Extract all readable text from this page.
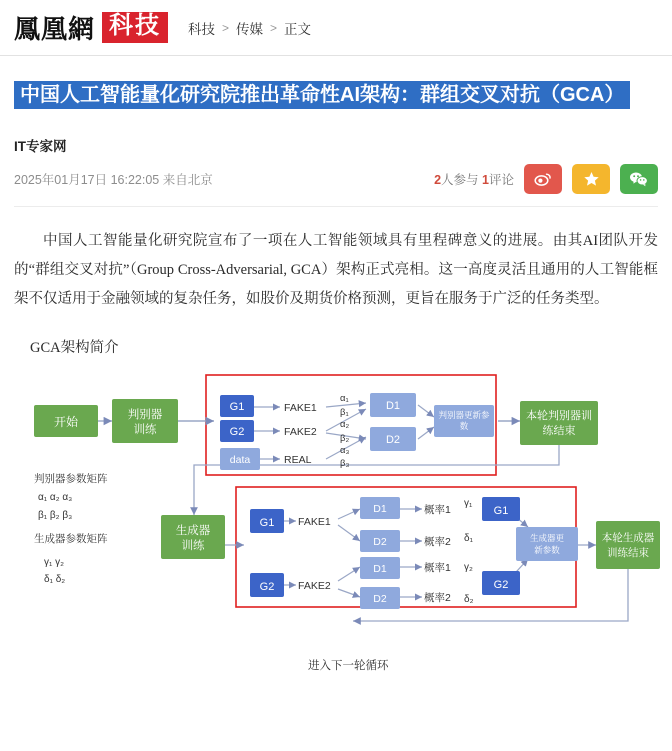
鳳凰網 科技	科技 > 传媒 > 正文
中国人工智能量化研究院推出革命性AI架构：群组交叉对抗（GCA）
IT专家网
2025年01月17日 16:22:05 来自北京	2人参与 1评论

中国人工智能量化研究院宣布了一项在人工智能领域具有里程碑意义的进展。由其AI团队开发的“群组交叉对抗”（Group Cross-Adversarial, GCA）架构正式亮相。这一高度灵活且通用的人工智能框架不仅适用于金融领域的复杂任务，如股价及期货价格预测，更旨在服务于广泛的任务类型。

GCA架构简介
开始	判别器
训练
G1
G2
data
FAKE1
FAKE2
REAL
α₁
β₁
α₂
β₂
α₃
β₃
D1
D2
判别器更新参
数
本轮判别器训
练结束
判别器参数矩阵
α₁ α₂ α₃
β₁ β₂ β₃
生成器参数矩阵
γ₁ γ₂
δ₁ δ₂
生成器
训练
G1
G2
FAKE1
FAKE2
D1
D2
D1
D2
概率1
概率2
概率1
概率2
γ₁
δ₁
γ₂
δ₂
G1
G2
生成器更
新参数
本轮生成器
训练结束
进入下一轮循环
